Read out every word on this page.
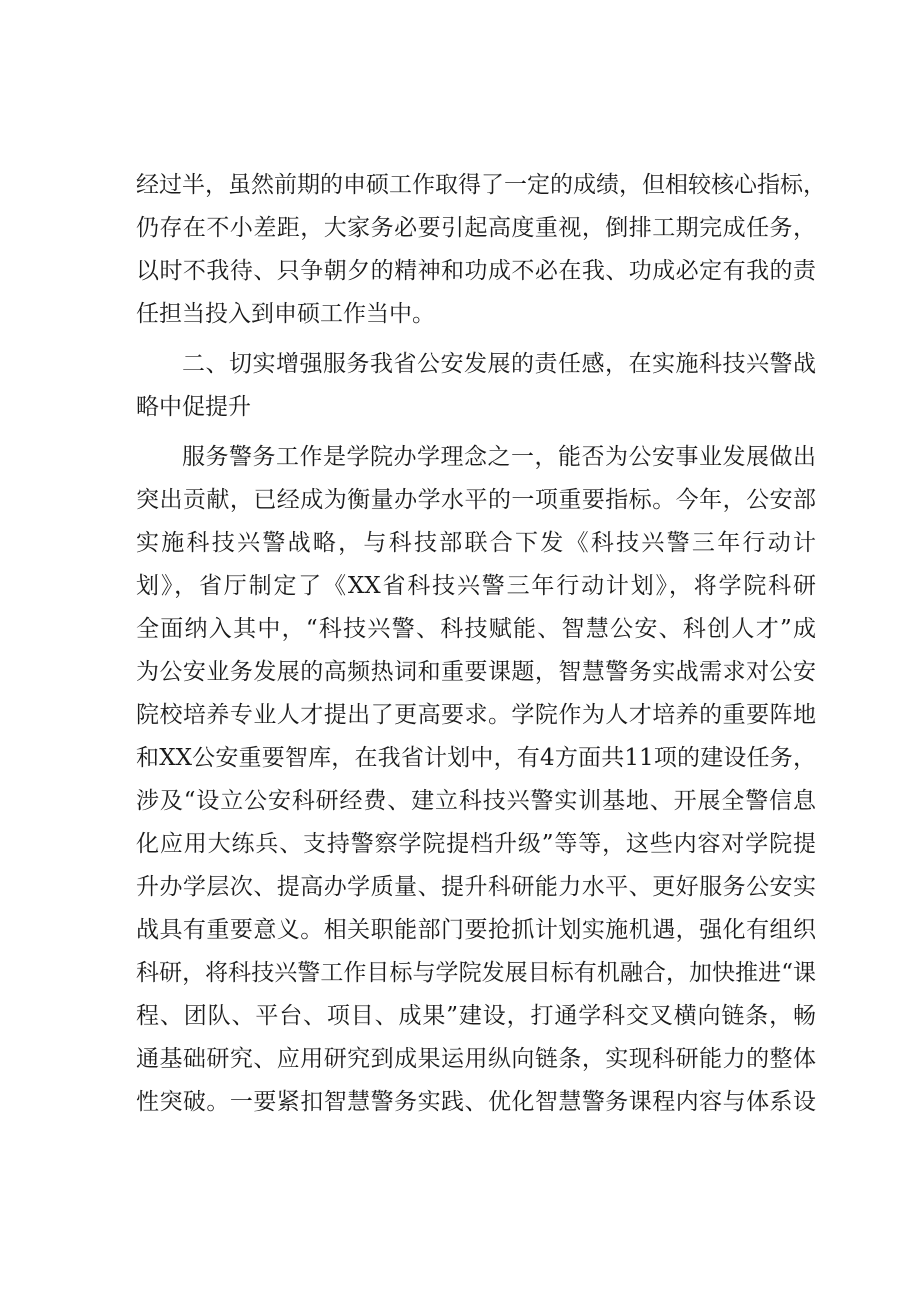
经过半，虽然前期的申硕工作取得了一定的成绩，但相较核心指标，
仍存在不小差距，大家务必要引起高度重视，倒排工期完成任务，
以时不我待、只争朝夕的精神和功成不必在我、功成必定有我的责
任担当投入到申硕工作当中。
二、切实增强服务我省公安发展的责任感，在实施科技兴警战
略中促提升
服务警务工作是学院办学理念之一，能否为公安事业发展做出
突出贡献，已经成为衡量办学水平的一项重要指标。今年，公安部
实施科技兴警战略，与科技部联合下发《科技兴警三年行动计
划》，省厅制定了《XX省科技兴警三年行动计划》，将学院科研
全面纳入其中，“科技兴警、科技赋能、智慧公安、科创人才”成
为公安业务发展的高频热词和重要课题，智慧警务实战需求对公安
院校培养专业人才提出了更高要求。学院作为人才培养的重要阵地
和XX公安重要智库，在我省计划中，有4方面共11项的建设任务，
涉及“设立公安科研经费、建立科技兴警实训基地、开展全警信息
化应用大练兵、支持警察学院提档升级”等等，这些内容对学院提
升办学层次、提高办学质量、提升科研能力水平、更好服务公安实
战具有重要意义。相关职能部门要抢抓计划实施机遇，强化有组织
科研，将科技兴警工作目标与学院发展目标有机融合，加快推进“课
程、团队、平台、项目、成果”建设，打通学科交叉横向链条，畅
通基础研究、应用研究到成果运用纵向链条，实现科研能力的整体
性突破。一要紧扣智慧警务实践、优化智慧警务课程内容与体系设
